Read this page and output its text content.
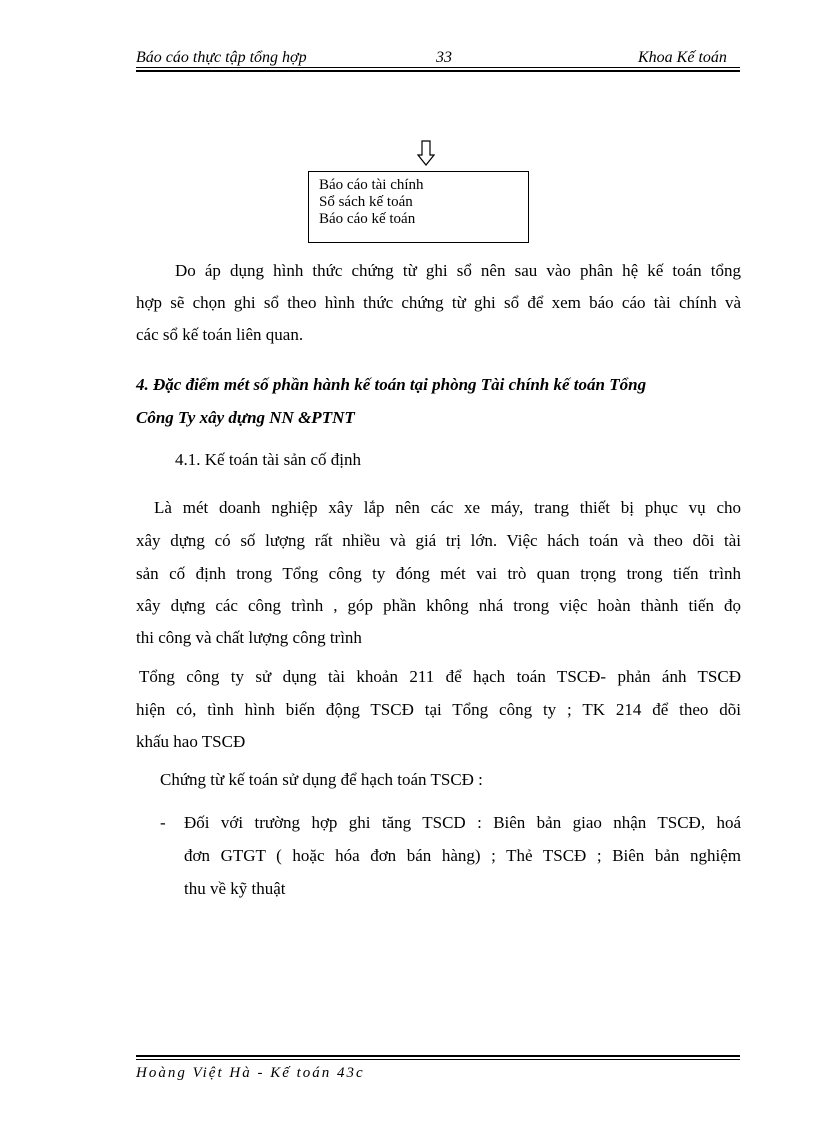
Báo cáo thực tập tổng hợp	33	Khoa Kế toán
Báo cáo tài chính
Sổ sách kế toán
Báo cáo kế toán
Do áp dụng hình thức chứng từ ghi sổ nên sau vào phân hệ kế toán tổng
hợp sẽ chọn ghi sổ theo hình thức chứng từ ghi sổ để xem báo cáo tài chính và
các sổ kế toán liên quan.
4. Đặc điểm mét số phần hành kế toán tại phòng Tài chính kế toán Tổng
Công Ty xây dựng NN &PTNT
4.1. Kế toán tài sản cố định
Là mét doanh nghiệp xây lắp nên các xe máy, trang thiết bị phục vụ cho
xây dựng có số lượng rất nhiều và giá trị lớn. Việc hách toán và theo dõi tài
sản cố định trong Tổng công ty đóng mét vai trò quan trọng trong tiến trình
xây dựng các công trình , góp phần không nhá trong việc hoàn thành tiến đọ
thi công và chất lượng công trình
Tổng công ty sử dụng tài khoản 211 để hạch toán TSCĐ- phản ánh TSCĐ
hiện có, tình hình biến động TSCĐ tại Tổng công ty ; TK 214 để theo dõi
khấu hao TSCĐ
Chứng từ kế toán sử dụng để hạch toán TSCĐ :
- Đối với trường hợp ghi tăng TSCD : Biên bản giao nhận TSCĐ, hoá
đơn GTGT ( hoặc hóa đơn bán hàng) ; Thẻ TSCĐ ; Biên bản nghiệm
thu về kỹ thuật
Hoàng Việt Hà - Kế toán 43c
